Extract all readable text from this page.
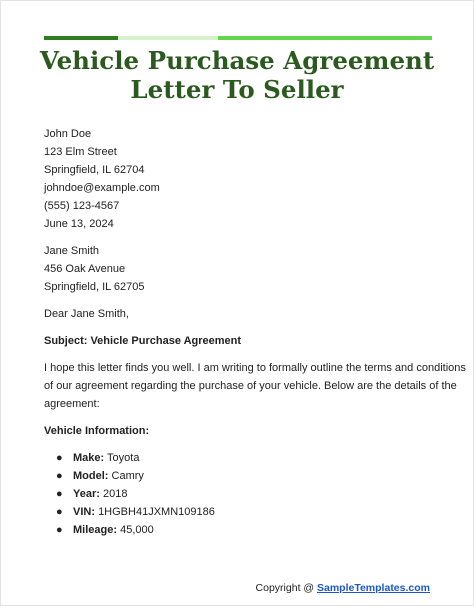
Vehicle Purchase Agreement
Letter To Seller
John Doe
123 Elm Street
Springfield, IL 62704
johndoe@example.com
(555) 123-4567
June 13, 2024
Jane Smith
456 Oak Avenue
Springfield, IL 62705
Dear Jane Smith,
Subject: Vehicle Purchase Agreement

I hope this letter finds you well. I am writing to formally outline the terms and conditions
of our agreement regarding the purchase of your vehicle. Below are the details of the
agreement:

Vehicle Information:
● Make: Toyota
● Model: Camry
● Year: 2018
● VIN: 1HGBH41JXMN109186
● Mileage: 45,000
Copyright @ SampleTemplates.com
